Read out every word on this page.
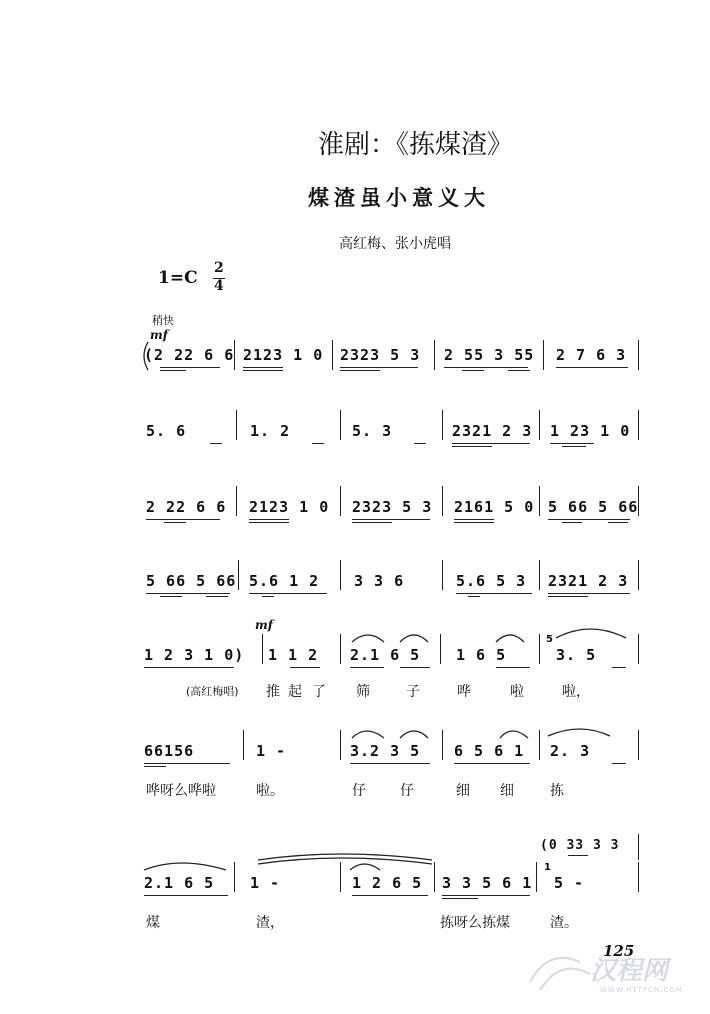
淮剧：《拣煤渣》
煤渣虽小意义大
高红梅、张小虎唱
1=C 2
4
稍快
mf
(2 22 6 6 2123 1 0 2323 5 3 2 55 3 55 2 7 6 3
5. 6	1. 2	5. 3	2321 2 3 1 23 1 0
2 22 6 6 2123 1 0 2323 5 3 2161 5 0 5 66 5 66
5 66 5 66 5.6 1 2 3 3 6	5.6 5 3 2321 2 3
mf
1 2 3 1 0) 1 1 2 2.1 6 5 1 6 5	3. 5
5
(高红梅唱) 推 起 了 筛	子	哗	啦	啦，
66156	1 -	3.2 3 5 6 5 6 1 2. 3
哗呀么哗啦	啦。	仔 仔	细 细	拣
(0 33 3 3
2.1 6 5 1 -	1 2 6 5 3 3 5 6 1 5 -
1
煤	渣，	拣呀么拣煤	渣。
125
汉程网
WWW.HTTPCN.COM
